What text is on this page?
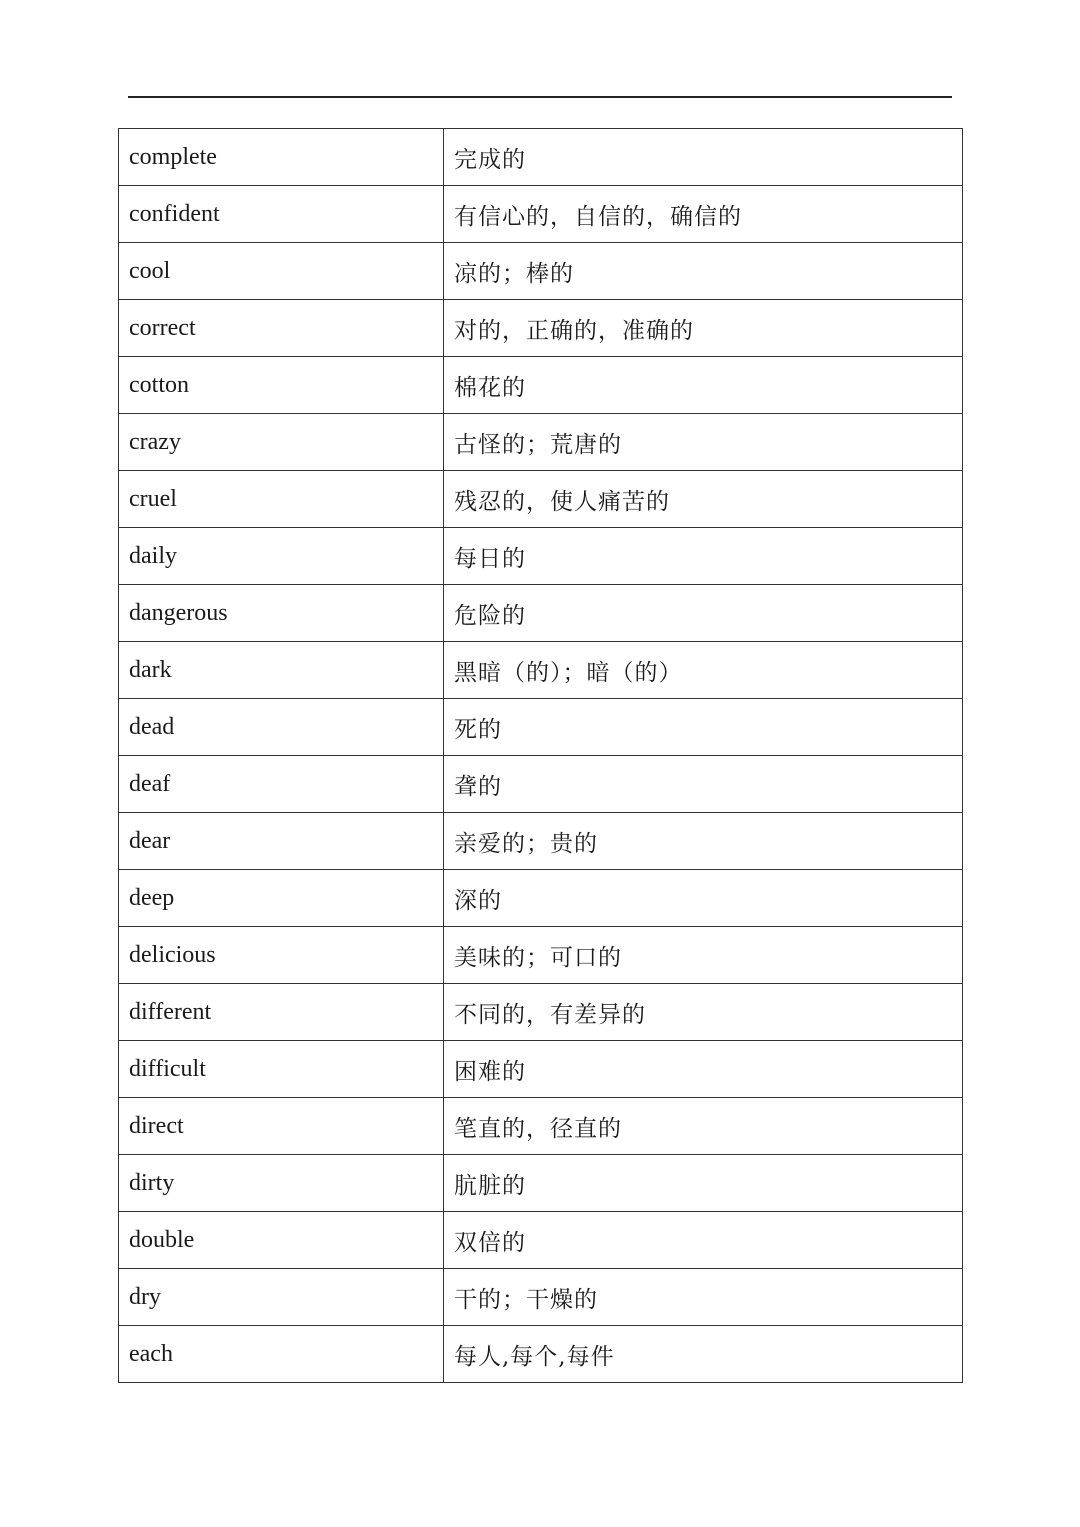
complete	完成的
confident	有信心的，自信的，确信的
cool	凉的；棒的
correct	对的，正确的，准确的
cotton	棉花的
crazy	古怪的；荒唐的
cruel	残忍的，使人痛苦的
daily	每日的
dangerous	危险的
dark	黑暗（的）；暗（的）
dead	死的
deaf	聋的
dear	亲爱的；贵的
deep	深的
delicious	美味的；可口的
different	不同的，有差异的
difficult	困难的
direct	笔直的，径直的
dirty	肮脏的
double	双倍的
dry	干的；干燥的
each	每人,每个,每件
